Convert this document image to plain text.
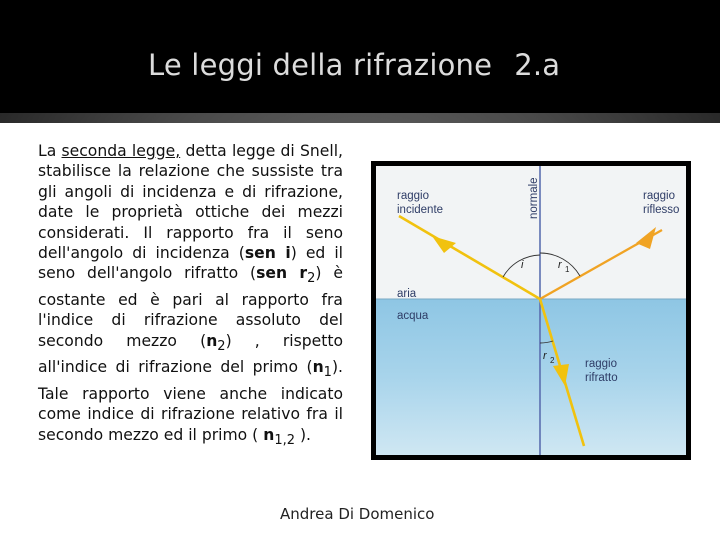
Le leggi della rifrazione 2.a
La seconda legge, detta legge di Snell, stabilisce la relazione che sussiste tra gli angoli di incidenza e di rifrazione, date le proprietà ottiche dei mezzi considerati. Il rapporto fra il seno dell'angolo di incidenza (sen i) ed il seno dell'angolo rifratto (sen $r_2$) è costante ed è pari al rapporto fra l'indice di rifrazione assoluto del secondo mezzo $(n_2)$ , rispetto all'indice di rifrazione del primo $(n_1)$. Tale rapporto viene anche indicato come indice di rifrazione relativo fra il secondo mezzo ed il primo ( $n_{1,2}$ ).
raggio
incidente	normale	raggio
riflesso
aria
acqua
raggio
rifratto
i	r 1
r 2
Andrea Di Domenico
